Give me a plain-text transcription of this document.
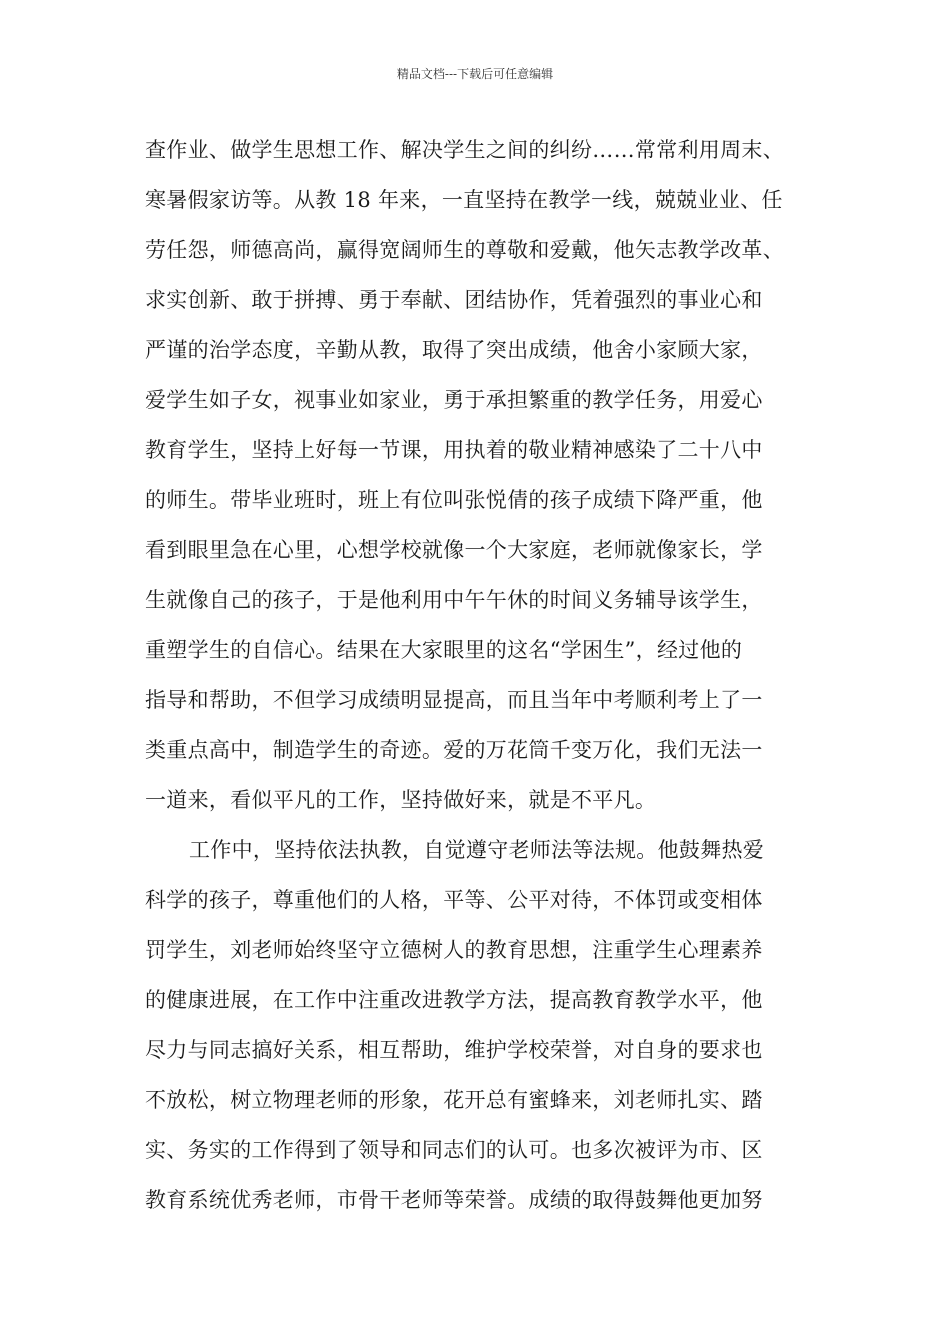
精品文档---下载后可任意编辑
查作业、做学生思想工作、解决学生之间的纠纷……常常利用周末、
寒暑假家访等。从教 18 年来，一直坚持在教学一线，兢兢业业、任
劳任怨，师德高尚，赢得宽阔师生的尊敬和爱戴，他矢志教学改革、
求实创新、敢于拼搏、勇于奉献、团结协作，凭着强烈的事业心和
严谨的治学态度，辛勤从教，取得了突出成绩，他舍小家顾大家，
爱学生如子女，视事业如家业，勇于承担繁重的教学任务，用爱心
教育学生，坚持上好每一节课，用执着的敬业精神感染了二十八中
的师生。带毕业班时，班上有位叫张悦倩的孩子成绩下降严重，他
看到眼里急在心里，心想学校就像一个大家庭，老师就像家长，学
生就像自己的孩子，于是他利用中午午休的时间义务辅导该学生，
重塑学生的自信心。结果在大家眼里的这名“学困生”，经过他的
指导和帮助，不但学习成绩明显提高，而且当年中考顺利考上了一
类重点高中，制造学生的奇迹。爱的万花筒千变万化，我们无法一
一道来，看似平凡的工作，坚持做好来，就是不平凡。
工作中，坚持依法执教，自觉遵守老师法等法规。他鼓舞热爱
科学的孩子，尊重他们的人格，平等、公平对待，不体罚或变相体
罚学生，刘老师始终坚守立德树人的教育思想，注重学生心理素养
的健康进展，在工作中注重改进教学方法，提高教育教学水平，他
尽力与同志搞好关系，相互帮助，维护学校荣誉，对自身的要求也
不放松，树立物理老师的形象，花开总有蜜蜂来，刘老师扎实、踏
实、务实的工作得到了领导和同志们的认可。也多次被评为市、区
教育系统优秀老师，市骨干老师等荣誉。成绩的取得鼓舞他更加努
